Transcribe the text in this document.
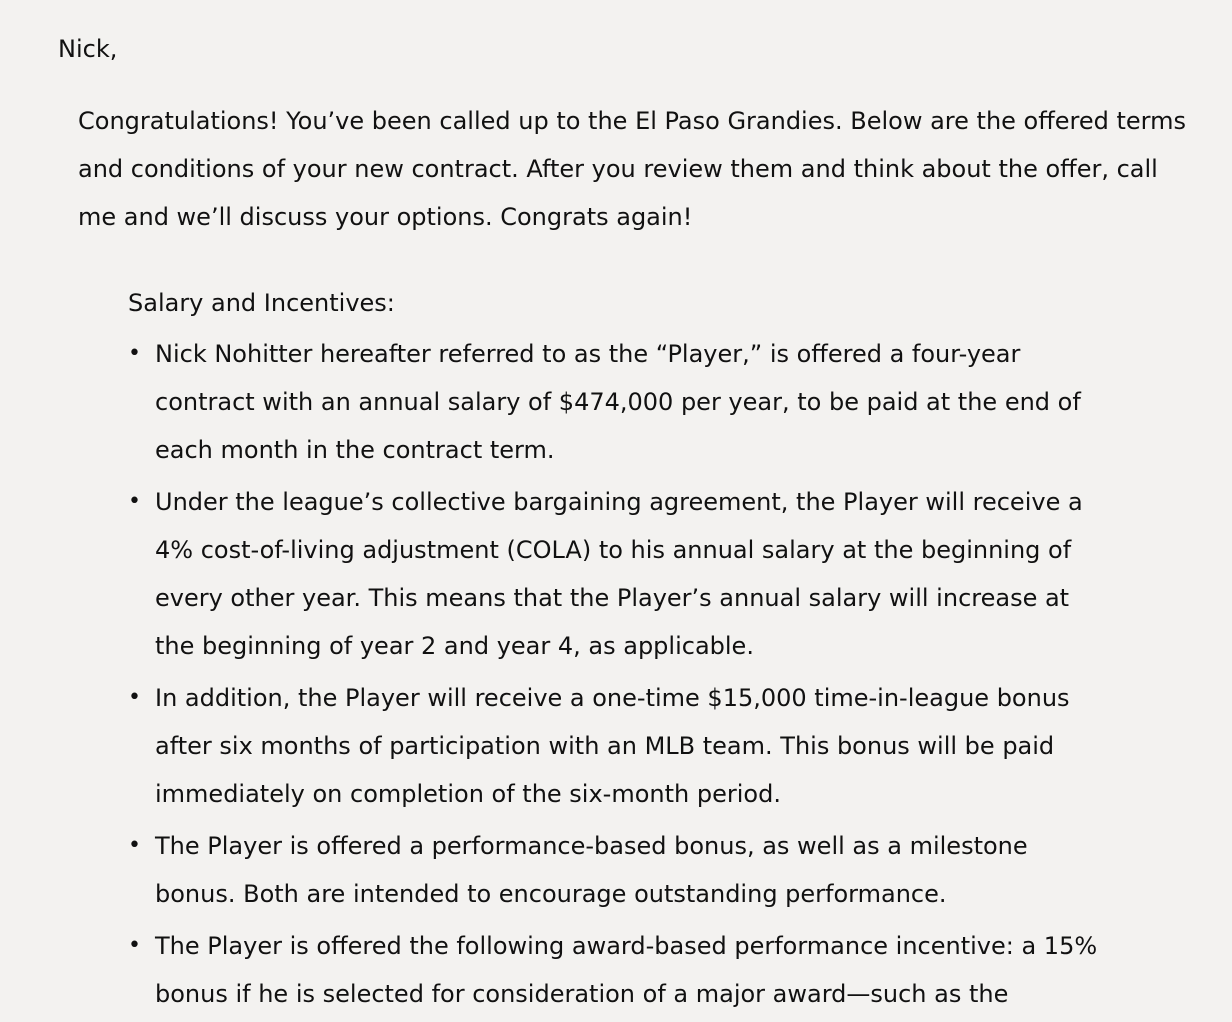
Nick,

Congratulations! You’ve been called up to the El Paso Grandies. Below are the offered terms and conditions of your new contract. After you review them and think about the offer, call me and we’ll discuss your options. Congrats again!

Salary and Incentives:

• Nick Nohitter hereafter referred to as the “Player,” is offered a four-year contract with an annual salary of $474,000 per year, to be paid at the end of each month in the contract term.
• Under the league’s collective bargaining agreement, the Player will receive a 4% cost-of-living adjustment (COLA) to his annual salary at the beginning of every other year. This means that the Player’s annual salary will increase at the beginning of year 2 and year 4, as applicable.
• In addition, the Player will receive a one-time $15,000 time-in-league bonus after six months of participation with an MLB team. This bonus will be paid immediately on completion of the six-month period.
• The Player is offered a performance-based bonus, as well as a milestone bonus. Both are intended to encourage outstanding performance.
• The Player is offered the following award-based performance incentive: a 15% bonus if he is selected for consideration of a major award—such as the
